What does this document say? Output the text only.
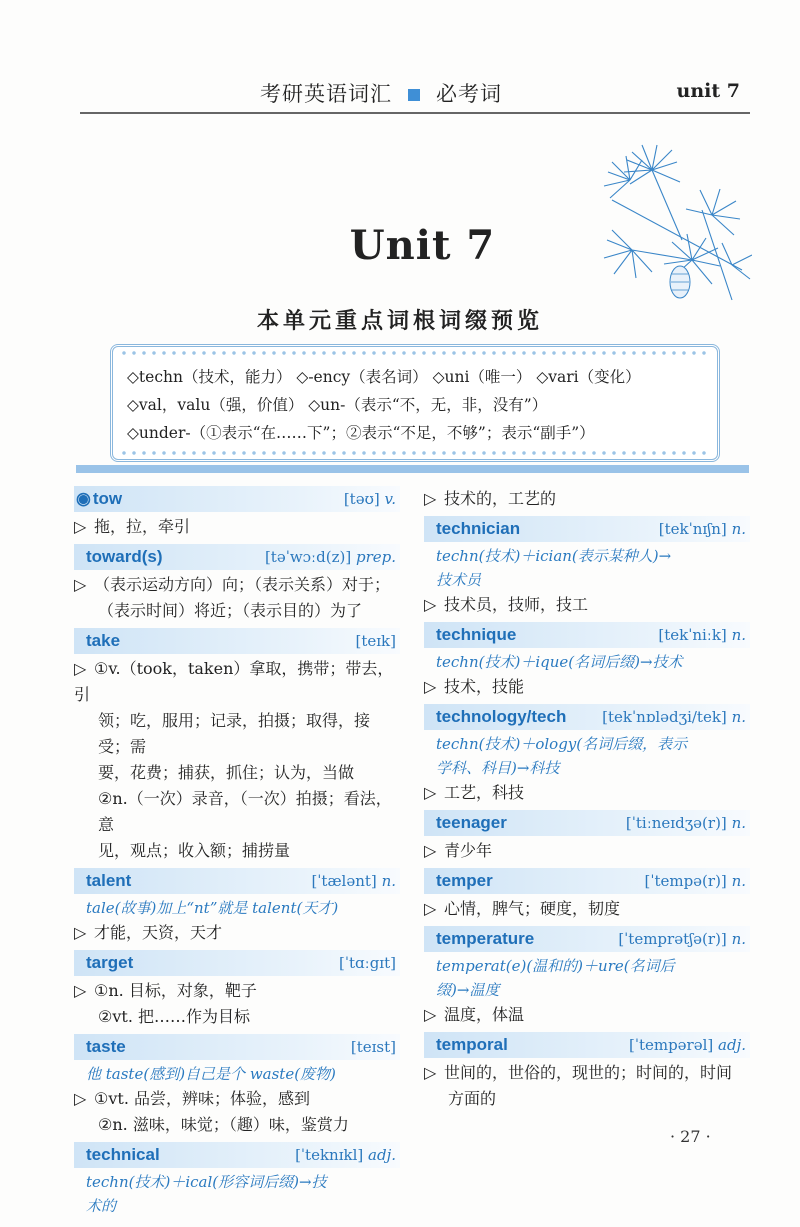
考研英语词汇 必考词	unit 7
Unit 7
本单元重点词根词缀预览
◇techn（技术，能力） ◇-ency（表名词） ◇uni（唯一） ◇vari（变化）
◇val，valu（强，价值） ◇un-（表示“不，无，非，没有”）
◇under-（①表示“在……下”；②表示“不足，不够”；表示“副手”）
◉ tow	[təʊ] v.
▷ 拖，拉，牵引
toward(s)	[təˈwɔːd(z)] prep.
▷ （表示运动方向）向；（表示关系）对于；
（表示时间）将近；（表示目的）为了
take	[teɪk]
▷ ①v.（took，taken）拿取，携带；带去，引
领；吃，服用；记录，拍摄；取得，接受；需
要，花费；捕获，抓住；认为，当做
②n.（一次）录音，（一次）拍摄；看法，意
见，观点；收入额；捕捞量
talent	[ˈtælənt] n.
tale(故事)加上“nt”就是 talent(天才)
▷ 才能，天资，天才
target	[ˈtɑːgɪt]
▷ ①n. 目标，对象，靶子
②vt. 把……作为目标
taste	[teɪst]
他 taste(感到)自己是个 waste(废物)
▷ ①vt. 品尝，辨味；体验，感到
②n. 滋味，味觉；（趣）味，鉴赏力
technical	[ˈteknɪkl] adj.
techn(技术)＋ical(形容词后缀)→技
术的
▷ 技术的，工艺的
technician	[tekˈnɪʃn] n.
techn(技术)＋ician(表示某种人)→
技术员
▷ 技术员，技师，技工
technique	[tekˈniːk] n.
techn(技术)＋ique(名词后缀)→技术
▷ 技术，技能
technology/tech [tekˈnɒlədʒi/tek] n.
techn(技术)＋ology(名词后缀，表示
学科、科目)→科技
▷ 工艺，科技
teenager	[ˈtiːneɪdʒə(r)] n.
▷ 青少年
temper	[ˈtempə(r)] n.
▷ 心情，脾气；硬度，韧度
temperature	[ˈtemprətʃə(r)] n.
temperat(e)(温和的)＋ure(名词后
缀)→温度
▷ 温度，体温
temporal	[ˈtempərəl] adj.
▷ 世间的，世俗的，现世的；时间的，时间
方面的
· 27 ·
